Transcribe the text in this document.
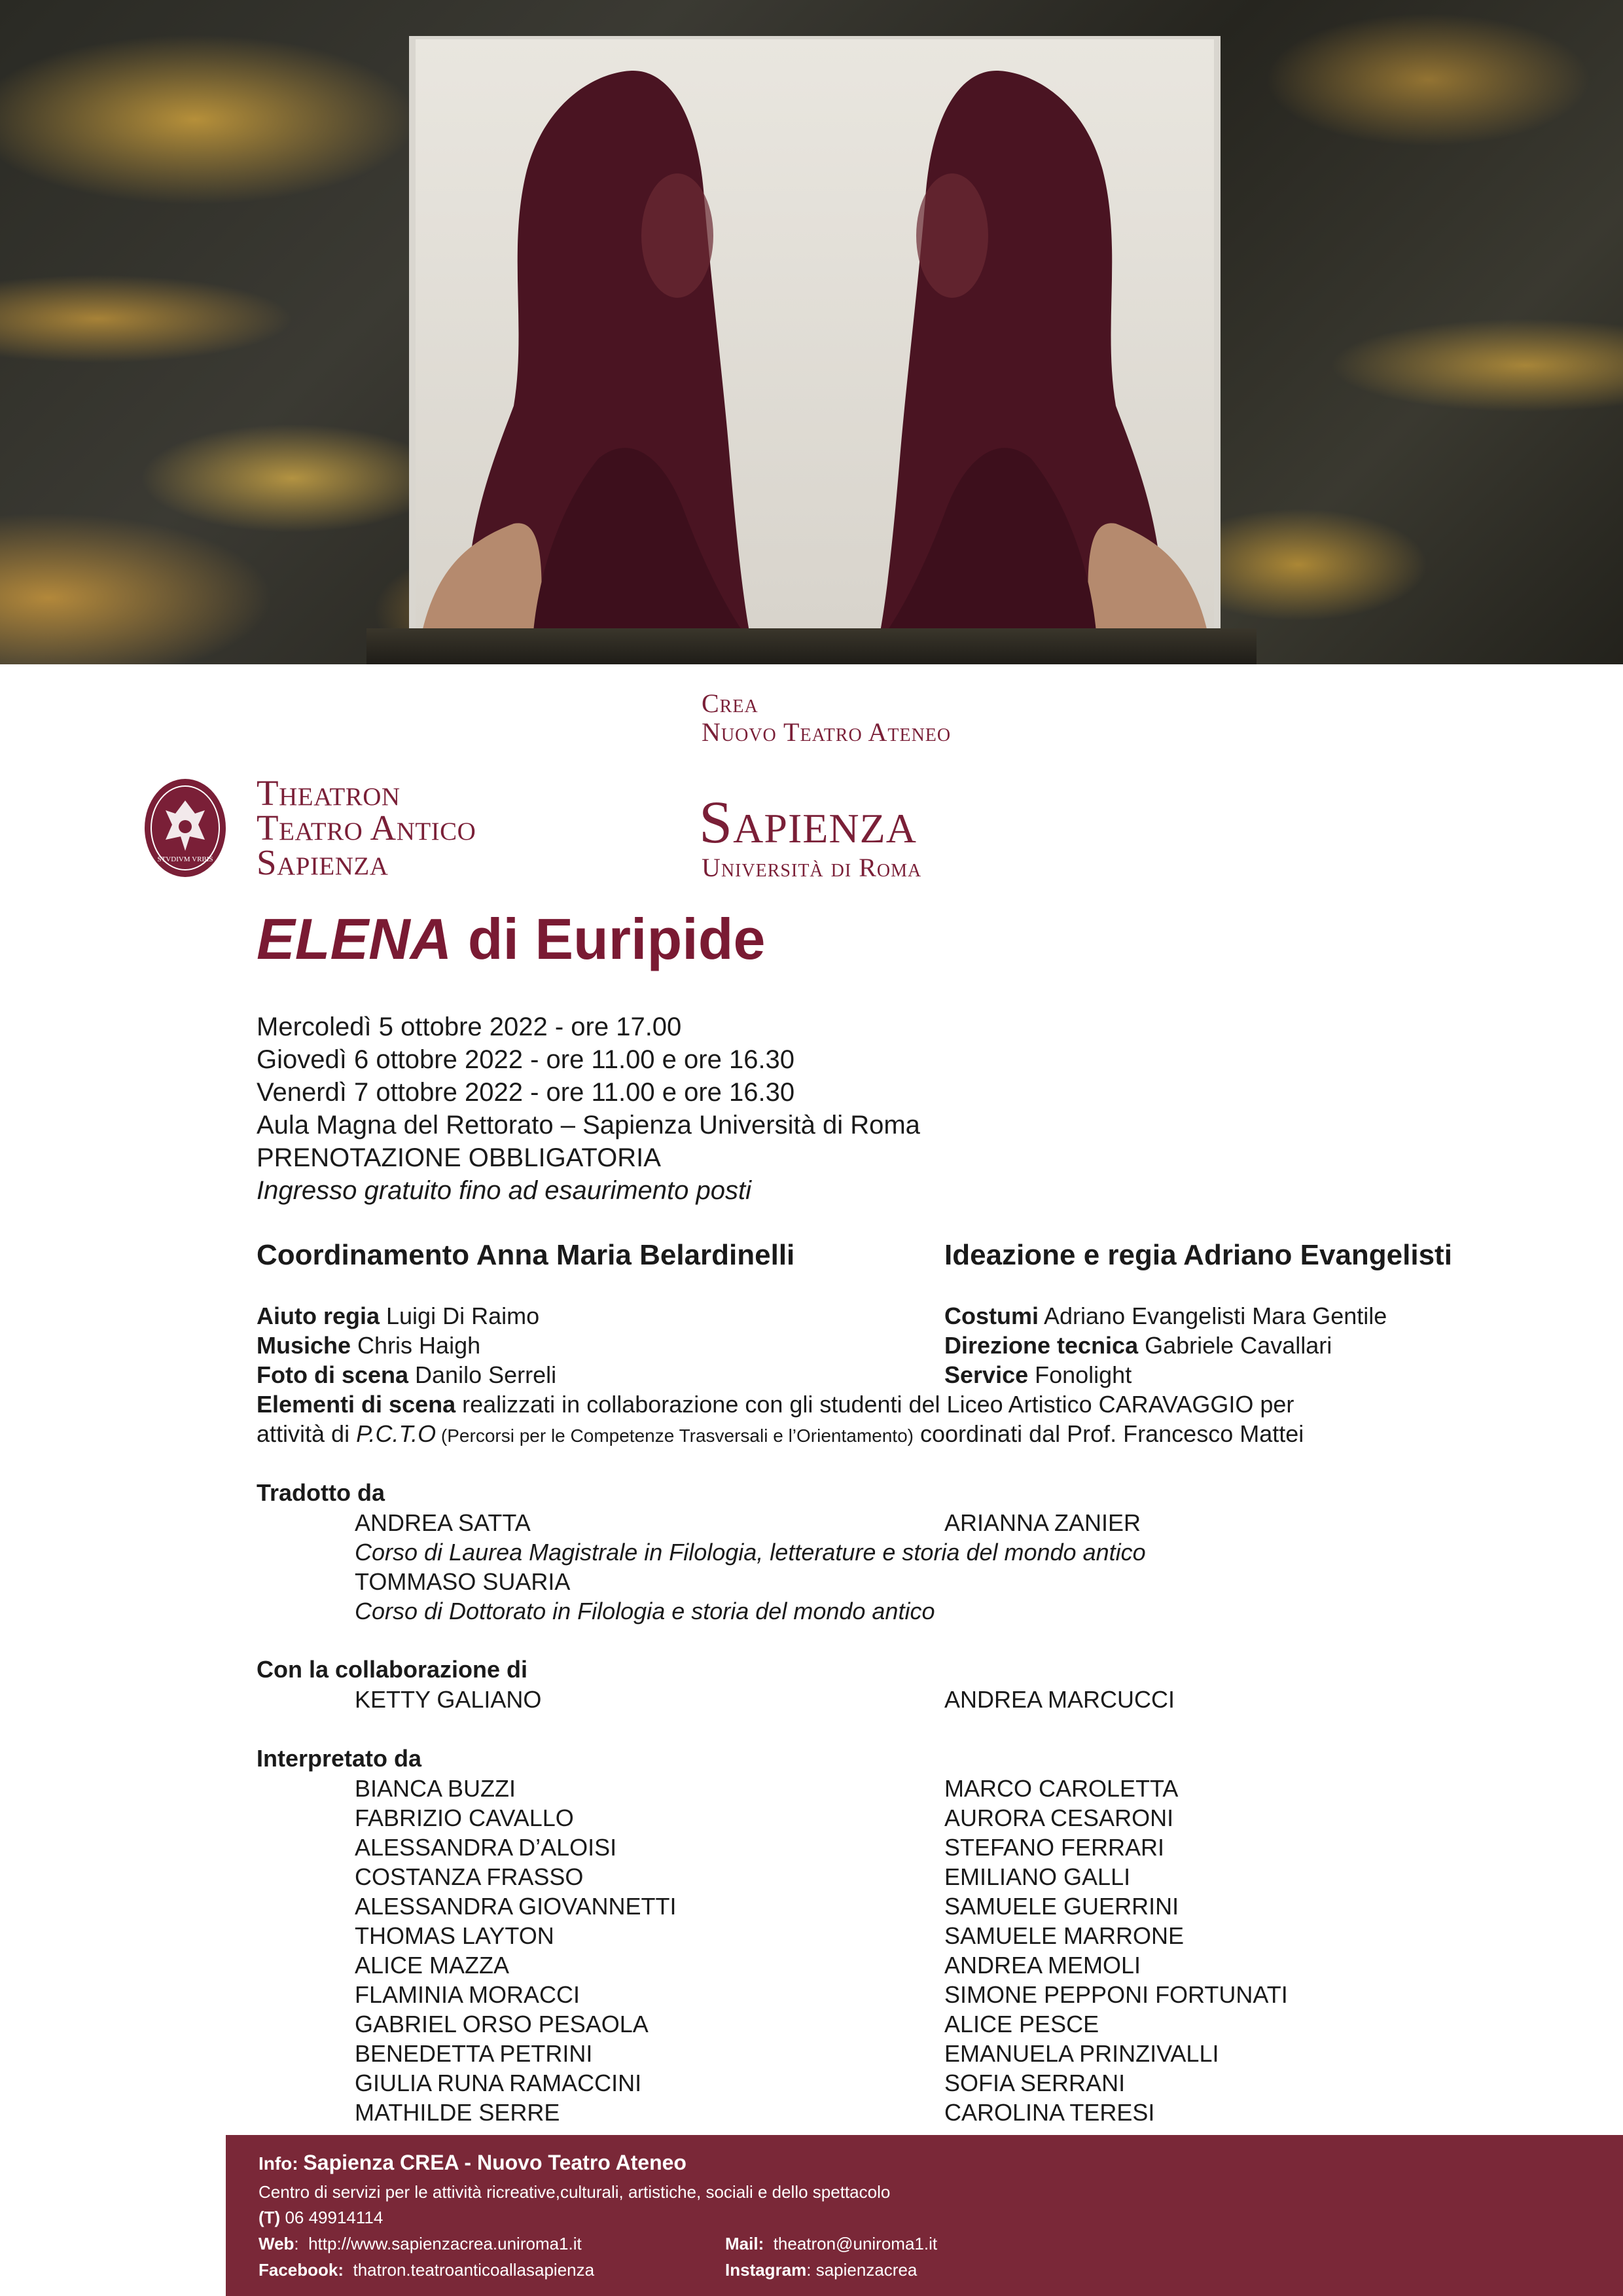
STVDIVM VRBIS
Theatron
Teatro Antico
Sapienza
Crea
Nuovo Teatro Ateneo
Sapienza
Università di Roma
ELENA di Euripide
Mercoledì 5 ottobre 2022 - ore 17.00
Giovedì 6 ottobre 2022 - ore 11.00 e ore 16.30
Venerdì 7 ottobre 2022 - ore 11.00 e ore 16.30
Aula Magna del Rettorato – Sapienza Università di Roma
PRENOTAZIONE OBBLIGATORIA
Ingresso gratuito fino ad esaurimento posti
Coordinamento Anna Maria Belardinelli	Ideazione e regia Adriano Evangelisti
Aiuto regia Luigi Di Raimo
Musiche Chris Haigh
Foto di scena Danilo Serreli
Costumi Adriano Evangelisti Mara Gentile
Direzione tecnica Gabriele Cavallari
Service Fonolight
Elementi di scena realizzati in collaborazione con gli studenti del Liceo Artistico CARAVAGGIO per
attività di P.C.T.O (Percorsi per le Competenze Trasversali e l’Orientamento) coordinati dal Prof. Francesco Mattei
Tradotto da
ANDREA SATTA	ARIANNA ZANIER
Corso di Laurea Magistrale in Filologia, letterature e storia del mondo antico
TOMMASO SUARIA
Corso di Dottorato in Filologia e storia del mondo antico
Con la collaborazione di
KETTY GALIANO	ANDREA MARCUCCI
Interpretato da
BIANCA BUZZI
FABRIZIO CAVALLO
ALESSANDRA D’ALOISI
COSTANZA FRASSO
ALESSANDRA GIOVANNETTI
THOMAS LAYTON
ALICE MAZZA
FLAMINIA MORACCI
GABRIEL ORSO PESAOLA
BENEDETTA PETRINI
GIULIA RUNA RAMACCINI
MATHILDE SERRE
MARCO CAROLETTA
AURORA CESARONI
STEFANO FERRARI
EMILIANO GALLI
SAMUELE GUERRINI
SAMUELE MARRONE
ANDREA MEMOLI
SIMONE PEPPONI FORTUNATI
ALICE PESCE
EMANUELA PRINZIVALLI
SOFIA SERRANI
CAROLINA TERESI
Info: Sapienza CREA - Nuovo Teatro Ateneo
Centro di servizi per le attività ricreative,culturali, artistiche, sociali e dello spettacolo
(T) 06 49914114
Web:  http://www.sapienzacrea.uniroma1.it	Mail: theatron@uniroma1.it
Facebook: thatron.teatroanticoallasapienza	Instagram: sapienzacrea
